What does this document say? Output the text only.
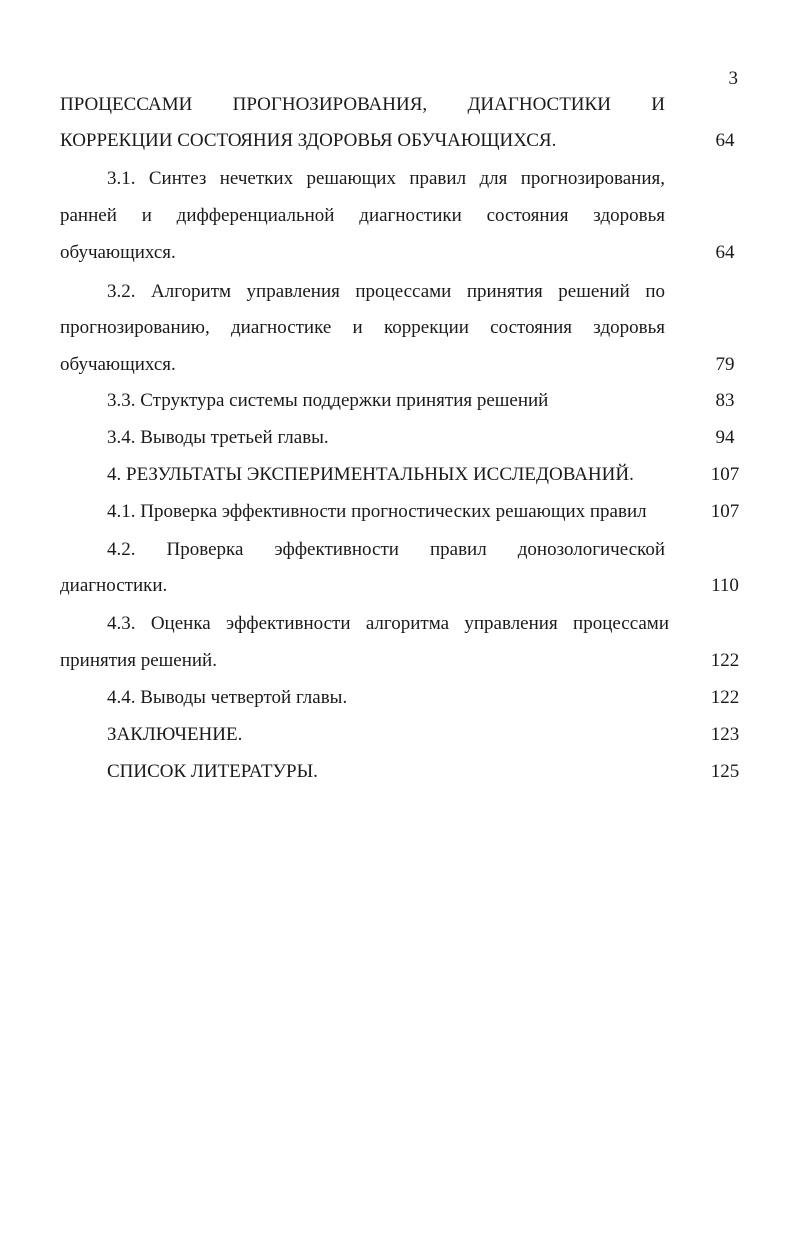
3
ПРОЦЕССАМИ ПРОГНОЗИРОВАНИЯ, ДИАГНОСТИКИ И
КОРРЕКЦИИ СОСТОЯНИЯ ЗДОРОВЬЯ ОБУЧАЮЩИХСЯ.	64
3.1. Синтез нечетких решающих правил для прогнозирования,
ранней и дифференциальной диагностики состояния здоровья
обучающихся.	64
3.2. Алгоритм управления процессами принятия решений по
прогнозированию, диагностике и коррекции состояния здоровья
обучающихся.	79
3.3. Структура системы поддержки принятия решений	83
3.4. Выводы третьей главы.	94
4. РЕЗУЛЬТАТЫ ЭКСПЕРИМЕНТАЛЬНЫХ ИССЛЕДОВАНИЙ.	107
4.1. Проверка эффективности прогностических решающих правил	107
4.2. Проверка эффективности правил донозологической
диагностики.	110
4.3. Оценка эффективности алгоритма управления процессами
принятия решений.	122
4.4. Выводы четвертой главы.	122
ЗАКЛЮЧЕНИЕ.	123
СПИСОК ЛИТЕРАТУРЫ.	125
